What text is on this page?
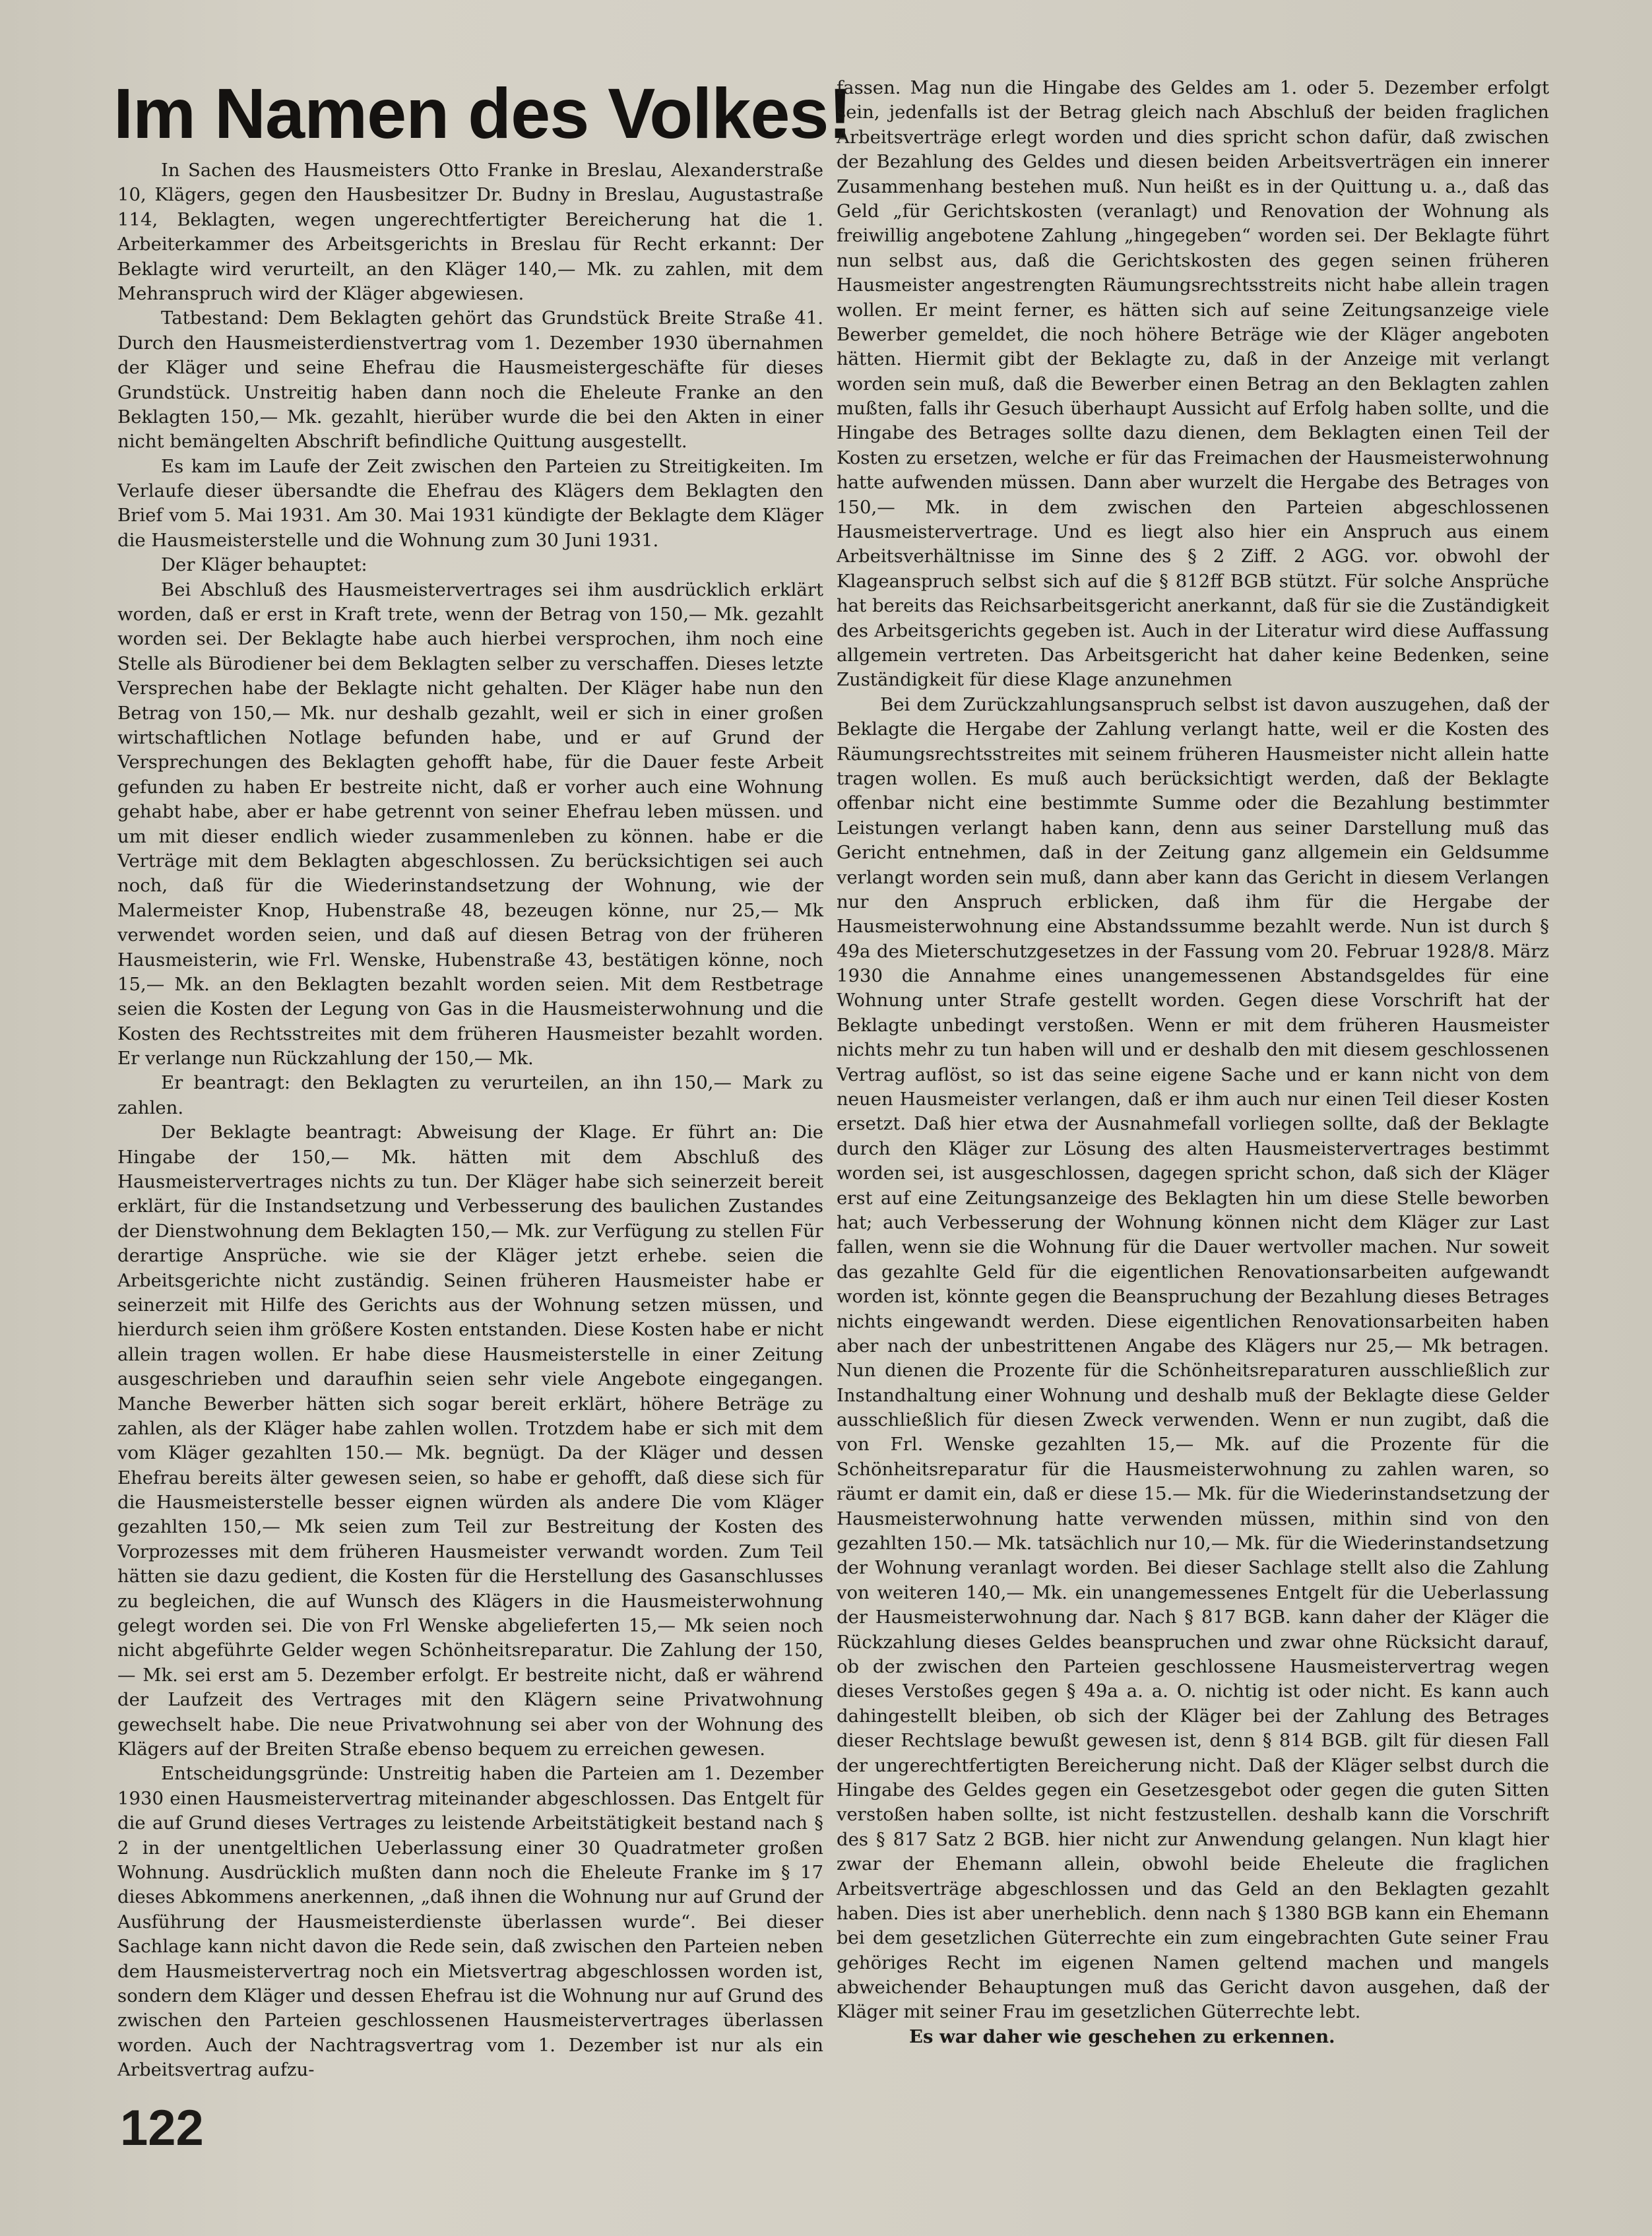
Im Namen des Volkes!

In Sachen des Hausmeisters Otto Franke in Breslau, Alexanderstraße 10, Klägers, gegen den Hausbesitzer Dr. Budny in Breslau, Augustastraße 114, Beklagten, wegen ungerechtfertigter Bereicherung hat die 1. Arbeiterkammer des Arbeitsgerichts in Breslau für Recht erkannt: Der Beklagte wird verurteilt, an den Kläger 140,— Mk. zu zahlen, mit dem Mehranspruch wird der Kläger abgewiesen.

Tatbestand: Dem Beklagten gehört das Grundstück Breite Straße 41. Durch den Hausmeisterdienstvertrag vom 1. Dezember 1930 übernahmen der Kläger und seine Ehefrau die Hausmeistergeschäfte für dieses Grundstück. Unstreitig haben dann noch die Eheleute Franke an den Beklagten 150,— Mk. gezahlt, hierüber wurde die bei den Akten in einer nicht bemängelten Abschrift befindliche Quittung ausgestellt.

Es kam im Laufe der Zeit zwischen den Parteien zu Streitigkeiten. Im Verlaufe dieser übersandte die Ehefrau des Klägers dem Beklagten den Brief vom 5. Mai 1931. Am 30. Mai 1931 kündigte der Beklagte dem Kläger die Hausmeisterstelle und die Wohnung zum 30 Juni 1931.

Der Kläger behauptet:

Bei Abschluß des Hausmeistervertrages sei ihm ausdrücklich erklärt worden, daß er erst in Kraft trete, wenn der Betrag von 150,— Mk. gezahlt worden sei. Der Beklagte habe auch hierbei versprochen, ihm noch eine Stelle als Bürodiener bei dem Beklagten selber zu verschaffen. Dieses letzte Versprechen habe der Beklagte nicht gehalten. Der Kläger habe nun den Betrag von 150,— Mk. nur deshalb gezahlt, weil er sich in einer großen wirtschaftlichen Notlage befunden habe, und er auf Grund der Versprechungen des Beklagten gehofft habe, für die Dauer feste Arbeit gefunden zu haben Er bestreite nicht, daß er vorher auch eine Wohnung gehabt habe, aber er habe getrennt von seiner Ehefrau leben müssen. und um mit dieser endlich wieder zusammenleben zu können. habe er die Verträge mit dem Beklagten abgeschlossen. Zu berücksichtigen sei auch noch, daß für die Wiederinstandsetzung der Wohnung, wie der Malermeister Knop, Hubenstraße 48, bezeugen könne, nur 25,— Mk verwendet worden seien, und daß auf diesen Betrag von der früheren Hausmeisterin, wie Frl. Wenske, Hubenstraße 43, bestätigen könne, noch 15,— Mk. an den Beklagten bezahlt worden seien. Mit dem Restbetrage seien die Kosten der Legung von Gas in die Hausmeisterwohnung und die Kosten des Rechtsstreites mit dem früheren Hausmeister bezahlt worden. Er verlange nun Rückzahlung der 150,— Mk.

Er beantragt: den Beklagten zu verurteilen, an ihn 150,— Mark zu zahlen.

Der Beklagte beantragt: Abweisung der Klage. Er führt an: Die Hingabe der 150,— Mk. hätten mit dem Abschluß des Hausmeistervertrages nichts zu tun. Der Kläger habe sich seinerzeit bereit erklärt, für die Instandsetzung und Verbesserung des baulichen Zustandes der Dienstwohnung dem Beklagten 150,— Mk. zur Verfügung zu stellen Für derartige Ansprüche. wie sie der Kläger jetzt erhebe. seien die Arbeitsgerichte nicht zuständig. Seinen früheren Hausmeister habe er seinerzeit mit Hilfe des Gerichts aus der Wohnung setzen müssen, und hierdurch seien ihm größere Kosten entstanden. Diese Kosten habe er nicht allein tragen wollen. Er habe diese Hausmeisterstelle in einer Zeitung ausgeschrieben und daraufhin seien sehr viele Angebote eingegangen. Manche Bewerber hätten sich sogar bereit erklärt, höhere Beträge zu zahlen, als der Kläger habe zahlen wollen. Trotzdem habe er sich mit dem vom Kläger gezahlten 150.— Mk. begnügt. Da der Kläger und dessen Ehefrau bereits älter gewesen seien, so habe er gehofft, daß diese sich für die Hausmeisterstelle besser eignen würden als andere Die vom Kläger gezahlten 150,— Mk seien zum Teil zur Bestreitung der Kosten des Vorprozesses mit dem früheren Hausmeister verwandt worden. Zum Teil hätten sie dazu gedient, die Kosten für die Herstellung des Gasanschlusses zu begleichen, die auf Wunsch des Klägers in die Hausmeisterwohnung gelegt worden sei. Die von Frl Wenske abgelieferten 15,— Mk seien noch nicht abgeführte Gelder wegen Schönheitsreparatur. Die Zahlung der 150,— Mk. sei erst am 5. Dezember erfolgt. Er bestreite nicht, daß er während der Laufzeit des Vertrages mit den Klägern seine Privatwohnung gewechselt habe. Die neue Privatwohnung sei aber von der Wohnung des Klägers auf der Breiten Straße ebenso bequem zu erreichen gewesen.

Entscheidungsgründe: Unstreitig haben die Parteien am 1. Dezember 1930 einen Hausmeistervertrag miteinander abgeschlossen. Das Entgelt für die auf Grund dieses Vertrages zu leistende Arbeitstätigkeit bestand nach § 2 in der unentgeltlichen Ueberlassung einer 30 Quadratmeter großen Wohnung. Ausdrücklich mußten dann noch die Eheleute Franke im § 17 dieses Abkommens anerkennen, „daß ihnen die Wohnung nur auf Grund der Ausführung der Hausmeisterdienste überlassen wurde“. Bei dieser Sachlage kann nicht davon die Rede sein, daß zwischen den Parteien neben dem Hausmeistervertrag noch ein Mietsvertrag abgeschlossen worden ist, sondern dem Kläger und dessen Ehefrau ist die Wohnung nur auf Grund des zwischen den Parteien geschlossenen Hausmeistervertrages überlassen worden. Auch der Nachtragsvertrag vom 1. Dezember ist nur als ein Arbeitsvertrag aufzu-

fassen. Mag nun die Hingabe des Geldes am 1. oder 5. Dezember erfolgt sein, jedenfalls ist der Betrag gleich nach Abschluß der beiden fraglichen Arbeitsverträge erlegt worden und dies spricht schon dafür, daß zwischen der Bezahlung des Geldes und diesen beiden Arbeitsverträgen ein innerer Zusammenhang bestehen muß. Nun heißt es in der Quittung u. a., daß das Geld „für Gerichtskosten (veranlagt) und Renovation der Wohnung als freiwillig angebotene Zahlung „hingegeben“ worden sei. Der Beklagte führt nun selbst aus, daß die Gerichtskosten des gegen seinen früheren Hausmeister angestrengten Räumungsrechtsstreits nicht habe allein tragen wollen. Er meint ferner, es hätten sich auf seine Zeitungsanzeige viele Bewerber gemeldet, die noch höhere Beträge wie der Kläger angeboten hätten. Hiermit gibt der Beklagte zu, daß in der Anzeige mit verlangt worden sein muß, daß die Bewerber einen Betrag an den Beklagten zahlen mußten, falls ihr Gesuch überhaupt Aussicht auf Erfolg haben sollte, und die Hingabe des Betrages sollte dazu dienen, dem Beklagten einen Teil der Kosten zu ersetzen, welche er für das Freimachen der Hausmeisterwohnung hatte aufwenden müssen. Dann aber wurzelt die Hergabe des Betrages von 150,— Mk. in dem zwischen den Parteien abgeschlossenen Hausmeistervertrage. Und es liegt also hier ein Anspruch aus einem Arbeitsverhältnisse im Sinne des § 2 Ziff. 2 AGG. vor. obwohl der Klageanspruch selbst sich auf die § 812ff BGB stützt. Für solche Ansprüche hat bereits das Reichsarbeitsgericht anerkannt, daß für sie die Zuständigkeit des Arbeitsgerichts gegeben ist. Auch in der Literatur wird diese Auffassung allgemein vertreten. Das Arbeitsgericht hat daher keine Bedenken, seine Zuständigkeit für diese Klage anzunehmen

Bei dem Zurückzahlungsanspruch selbst ist davon auszugehen, daß der Beklagte die Hergabe der Zahlung verlangt hatte, weil er die Kosten des Räumungsrechtsstreites mit seinem früheren Hausmeister nicht allein hatte tragen wollen. Es muß auch berücksichtigt werden, daß der Beklagte offenbar nicht eine bestimmte Summe oder die Bezahlung bestimmter Leistungen verlangt haben kann, denn aus seiner Darstellung muß das Gericht entnehmen, daß in der Zeitung ganz allgemein ein Geldsumme verlangt worden sein muß, dann aber kann das Gericht in diesem Verlangen nur den Anspruch erblicken, daß ihm für die Hergabe der Hausmeisterwohnung eine Abstandssumme bezahlt werde. Nun ist durch § 49a des Mieterschutzgesetzes in der Fassung vom 20. Februar 1928/8. März 1930 die Annahme eines unangemessenen Abstandsgeldes für eine Wohnung unter Strafe gestellt worden. Gegen diese Vorschrift hat der Beklagte unbedingt verstoßen. Wenn er mit dem früheren Hausmeister nichts mehr zu tun haben will und er deshalb den mit diesem geschlossenen Vertrag auflöst, so ist das seine eigene Sache und er kann nicht von dem neuen Hausmeister verlangen, daß er ihm auch nur einen Teil dieser Kosten ersetzt. Daß hier etwa der Ausnahmefall vorliegen sollte, daß der Beklagte durch den Kläger zur Lösung des alten Hausmeistervertrages bestimmt worden sei, ist ausgeschlossen, dagegen spricht schon, daß sich der Kläger erst auf eine Zeitungsanzeige des Beklagten hin um diese Stelle beworben hat; auch Verbesserung der Wohnung können nicht dem Kläger zur Last fallen, wenn sie die Wohnung für die Dauer wertvoller machen. Nur soweit das gezahlte Geld für die eigentlichen Renovationsarbeiten aufgewandt worden ist, könnte gegen die Beanspruchung der Bezahlung dieses Betrages nichts eingewandt werden. Diese eigentlichen Renovationsarbeiten haben aber nach der unbestrittenen Angabe des Klägers nur 25,— Mk betragen. Nun dienen die Prozente für die Schönheitsreparaturen ausschließlich zur Instandhaltung einer Wohnung und deshalb muß der Beklagte diese Gelder ausschließlich für diesen Zweck verwenden. Wenn er nun zugibt, daß die von Frl. Wenske gezahlten 15,— Mk. auf die Prozente für die Schönheitsreparatur für die Hausmeisterwohnung zu zahlen waren, so räumt er damit ein, daß er diese 15.— Mk. für die Wiederinstandsetzung der Hausmeisterwohnung hatte verwenden müssen, mithin sind von den gezahlten 150.— Mk. tatsächlich nur 10,— Mk. für die Wiederinstandsetzung der Wohnung veranlagt worden. Bei dieser Sachlage stellt also die Zahlung von weiteren 140,— Mk. ein unangemessenes Entgelt für die Ueberlassung der Hausmeisterwohnung dar. Nach § 817 BGB. kann daher der Kläger die Rückzahlung dieses Geldes beanspruchen und zwar ohne Rücksicht darauf, ob der zwischen den Parteien geschlossene Hausmeistervertrag wegen dieses Verstoßes gegen § 49a a. a. O. nichtig ist oder nicht. Es kann auch dahingestellt bleiben, ob sich der Kläger bei der Zahlung des Betrages dieser Rechtslage bewußt gewesen ist, denn § 814 BGB. gilt für diesen Fall der ungerechtfertigten Bereicherung nicht. Daß der Kläger selbst durch die Hingabe des Geldes gegen ein Gesetzesgebot oder gegen die guten Sitten verstoßen haben sollte, ist nicht festzustellen. deshalb kann die Vorschrift des § 817 Satz 2 BGB. hier nicht zur Anwendung gelangen. Nun klagt hier zwar der Ehemann allein, obwohl beide Eheleute die fraglichen Arbeitsverträge abgeschlossen und das Geld an den Beklagten gezahlt haben. Dies ist aber unerheblich. denn nach § 1380 BGB kann ein Ehemann bei dem gesetzlichen Güterrechte ein zum eingebrachten Gute seiner Frau gehöriges Recht im eigenen Namen geltend machen und mangels abweichender Behauptungen muß das Gericht davon ausgehen, daß der Kläger mit seiner Frau im gesetzlichen Güterrechte lebt.

Es war daher wie geschehen zu erkennen.

122
